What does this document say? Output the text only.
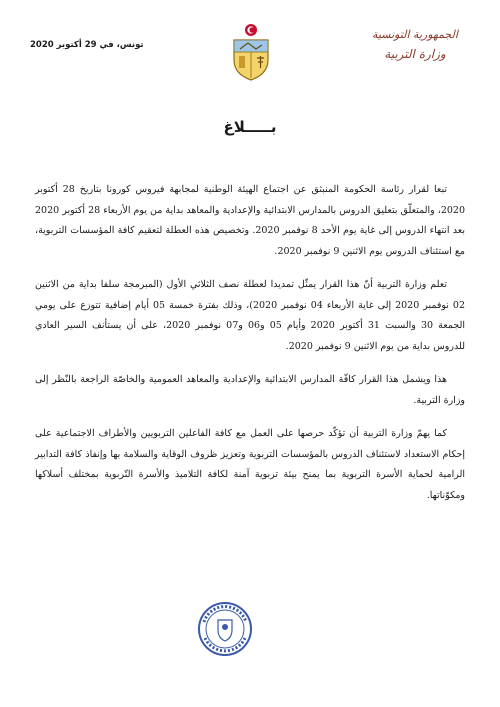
تونس، في 29 أكتوبر 2020
الجمهورية التونسية
وزارة التربية
بـــــلاغ

تبعا لقرار رئاسة الحكومة المنبثق عن اجتماع الهيئة الوطنية لمجابهة فيروس كورونا بتاريخ 28 أكتوبر 2020، والمتعلّق بتعليق الدروس بالمدارس الابتدائية والإعدادية والمعاهد بداية من يوم الأربعاء 28 أكتوبر 2020 بعد انتهاء الدروس إلى غاية يوم الأحد 8 نوفمبر 2020. وتخصيص هذه العطلة لتعقيم كافة المؤسسات التربوية، مع استئناف الدروس يوم الاثنين 9 نوفمبر 2020.

تعلم وزارة التربية أنّ هذا القرار يمثّل تمديدا لعطلة نصف الثلاثي الأول (المبرمجة سلفا بداية من الاثنين 02 نوفمبر 2020 إلى غاية الأربعاء 04 نوفمبر 2020)، وذلك بفترة خمسة 05 أيام إضافية تتوزع على يومي الجمعة 30 والسبت 31 أكتوبر 2020 وأيام 05 و06 و07 نوفمبر 2020، على أن يستأنف السير العادي للدروس بداية من يوم الاثنين 9 نوفمبر 2020.

هذا ويشمل هذا القرار كافّة المدارس الابتدائية والإعدادية والمعاهد العمومية والخاصّة الراجعة بالنّظر إلى وزارة التربية.

كما يهمّ وزارة التربية أن تؤكّد حرصها على العمل مع كافة الفاعلين التربويين والأطراف الاجتماعية على إحكام الاستعداد لاستئناف الدروس بالمؤسسات التربوية وتعزيز ظروف الوقاية والسلامة بها وإنفاذ كافة التدابير الرامية لحماية الأسرة التربوية بما يمنح بيئة تربوية آمنة لكافة التلاميذ والأسرة التّربوية بمختلف أسلاكها ومكوّناتها.
